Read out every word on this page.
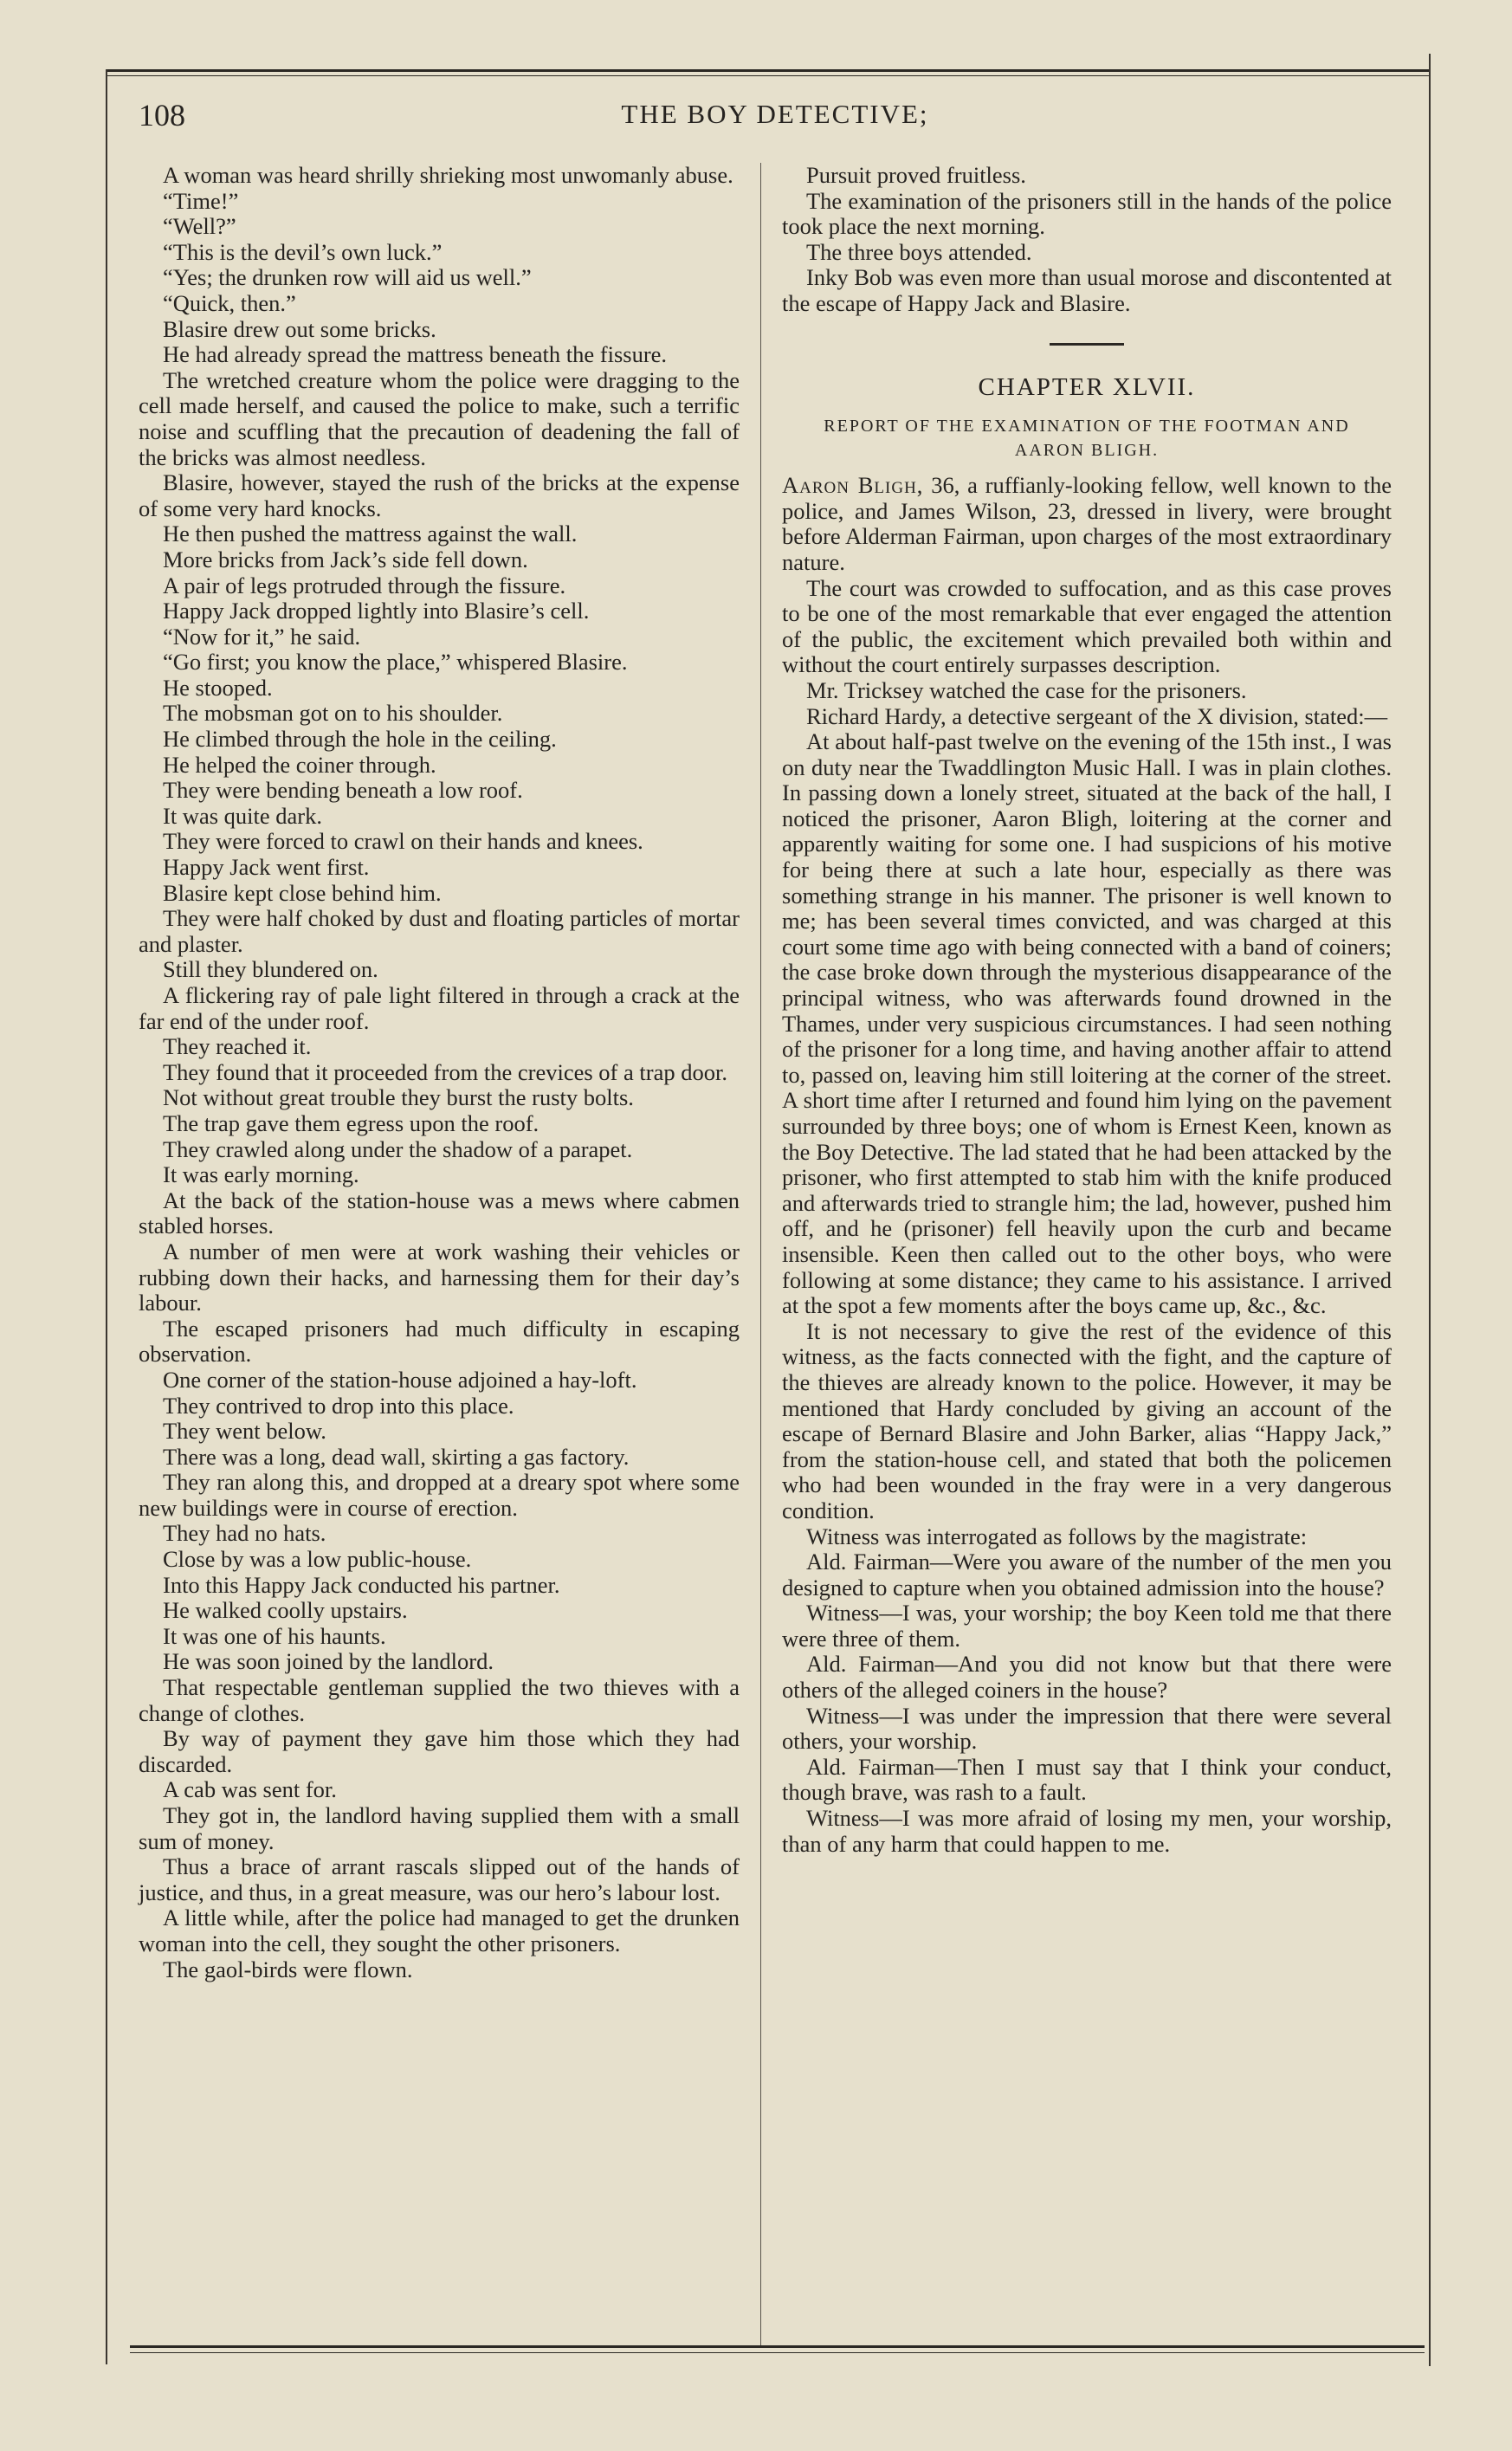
108	THE BOY DETECTIVE;

A woman was heard shrilly shrieking most unwomanly abuse.

“Time!”

“Well?”

“This is the devil’s own luck.”

“Yes; the drunken row will aid us well.”

“Quick, then.”

Blasire drew out some bricks.

He had already spread the mattress beneath the fissure.

The wretched creature whom the police were dragging to the cell made herself, and caused the police to make, such a terrific noise and scuffling that the precaution of deadening the fall of the bricks was almost needless.

Blasire, however, stayed the rush of the bricks at the expense of some very hard knocks.

He then pushed the mattress against the wall.

More bricks from Jack’s side fell down.

A pair of legs protruded through the fissure.

Happy Jack dropped lightly into Blasire’s cell.

“Now for it,” he said.

“Go first; you know the place,” whispered Blasire.

He stooped.

The mobsman got on to his shoulder.

He climbed through the hole in the ceiling.

He helped the coiner through.

They were bending beneath a low roof.

It was quite dark.

They were forced to crawl on their hands and knees.

Happy Jack went first.

Blasire kept close behind him.

They were half choked by dust and floating particles of mortar and plaster.

Still they blundered on.

A flickering ray of pale light filtered in through a crack at the far end of the under roof.

They reached it.

They found that it proceeded from the crevices of a trap door.

Not without great trouble they burst the rusty bolts.

The trap gave them egress upon the roof.

They crawled along under the shadow of a parapet.

It was early morning.

At the back of the station-house was a mews where cabmen stabled horses.

A number of men were at work washing their vehicles or rubbing down their hacks, and harnessing them for their day’s labour.

The escaped prisoners had much difficulty in escaping observation.

One corner of the station-house adjoined a hay-loft.

They contrived to drop into this place.

They went below.

There was a long, dead wall, skirting a gas factory.

They ran along this, and dropped at a dreary spot where some new buildings were in course of erection.

They had no hats.

Close by was a low public-house.

Into this Happy Jack conducted his partner.

He walked coolly upstairs.

It was one of his haunts.

He was soon joined by the landlord.

That respectable gentleman supplied the two thieves with a change of clothes.

By way of payment they gave him those which they had discarded.

A cab was sent for.

They got in, the landlord having supplied them with a small sum of money.

Thus a brace of arrant rascals slipped out of the hands of justice, and thus, in a great measure, was our hero’s labour lost.

A little while, after the police had managed to get the drunken woman into the cell, they sought the other prisoners.

The gaol-birds were flown.

Pursuit proved fruitless.

The examination of the prisoners still in the hands of the police took place the next morning.

The three boys attended.

Inky Bob was even more than usual morose and discontented at the escape of Happy Jack and Blasire.

CHAPTER XLVII.
REPORT OF THE EXAMINATION OF THE FOOTMAN AND AARON BLIGH.

Aaron Bligh, 36, a ruffianly-looking fellow, well known to the police, and James Wilson, 23, dressed in livery, were brought before Alderman Fairman, upon charges of the most extraordinary nature.

The court was crowded to suffocation, and as this case proves to be one of the most remarkable that ever engaged the attention of the public, the excitement which prevailed both within and without the court entirely surpasses description.

Mr. Tricksey watched the case for the prisoners.

Richard Hardy, a detective sergeant of the X division, stated:—

At about half-past twelve on the evening of the 15th inst., I was on duty near the Twaddlington Music Hall. I was in plain clothes. In passing down a lonely street, situated at the back of the hall, I noticed the prisoner, Aaron Bligh, loitering at the corner and apparently waiting for some one. I had suspicions of his motive for being there at such a late hour, especially as there was something strange in his manner. The prisoner is well known to me; has been several times convicted, and was charged at this court some time ago with being connected with a band of coiners; the case broke down through the mysterious disappearance of the principal witness, who was afterwards found drowned in the Thames, under very suspicious circumstances. I had seen nothing of the prisoner for a long time, and having another affair to attend to, passed on, leaving him still loitering at the corner of the street. A short time after I returned and found him lying on the pavement surrounded by three boys; one of whom is Ernest Keen, known as the Boy Detective. The lad stated that he had been attacked by the prisoner, who first attempted to stab him with the knife produced and afterwards tried to strangle him; the lad, however, pushed him off, and he (prisoner) fell heavily upon the curb and became insensible. Keen then called out to the other boys, who were following at some distance; they came to his assistance. I arrived at the spot a few moments after the boys came up, &c., &c.

It is not necessary to give the rest of the evidence of this witness, as the facts connected with the fight, and the capture of the thieves are already known to the police. However, it may be mentioned that Hardy concluded by giving an account of the escape of Bernard Blasire and John Barker, alias “Happy Jack,” from the station-house cell, and stated that both the policemen who had been wounded in the fray were in a very dangerous condition.

Witness was interrogated as follows by the magistrate:

Ald. Fairman—Were you aware of the number of the men you designed to capture when you obtained admission into the house?

Witness—I was, your worship; the boy Keen told me that there were three of them.

Ald. Fairman—And you did not know but that there were others of the alleged coiners in the house?

Witness—I was under the impression that there were several others, your worship.

Ald. Fairman—Then I must say that I think your conduct, though brave, was rash to a fault.

Witness—I was more afraid of losing my men, your worship, than of any harm that could happen to me.
